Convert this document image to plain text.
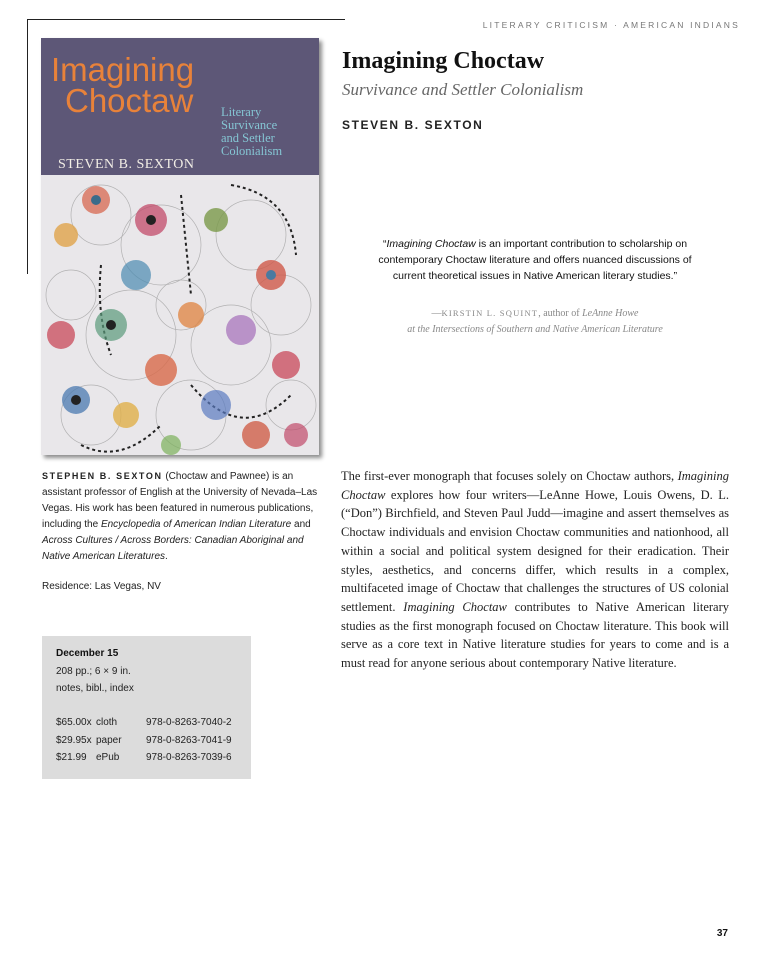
LITERARY CRITICISM · AMERICAN INDIANS
Imagining
Choctaw Literary
Survivance
and Settler
Colonialism
STEVEN B. SEXTON
Imagining Choctaw
Survivance and Settler Colonialism
STEVEN B. SEXTON
“Imagining Choctaw is an important contribution to scholarship on contemporary Choctaw literature and offers nuanced discussions of current theoretical issues in Native American literary studies.”
—KIRSTIN L. SQUINT, author of LeAnne Howe
at the Intersections of Southern and Native American Literature
STEPHEN B. SEXTON (Choctaw and Pawnee) is an assistant professor of English at the University of Nevada–Las Vegas. His work has been featured in numerous publications, including the Encyclopedia of American Indian Literature and Across Cultures / Across Borders: Canadian Aboriginal and Native American Literatures.
Residence: Las Vegas, NV
December 15
208 pp.; 6 × 9 in.
notes, bibl., index
$65.00x cloth	978-0-8263-7040-2
$29.95x paper 978-0-8263-7041-9
$21.99 ePub	978-0-8263-7039-6
The first-ever monograph that focuses solely on Choctaw authors, Imagining Choctaw explores how four writers—LeAnne Howe, Louis Owens, D. L. (“Don”) Birchfield, and Steven Paul Judd—imagine and assert themselves as Choctaw individuals and envision Choctaw communities and nationhood, all within a social and political system designed for their eradication. Their styles, aesthetics, and concerns differ, which results in a complex, multifaceted image of Choctaw that challenges the structures of US colonial settlement. Imagining Choctaw contributes to Native American literary studies as the first monograph focused on Choctaw literature. This book will serve as a core text in Native literature studies for years to come and is a must read for anyone serious about contemporary Native literature.
37
